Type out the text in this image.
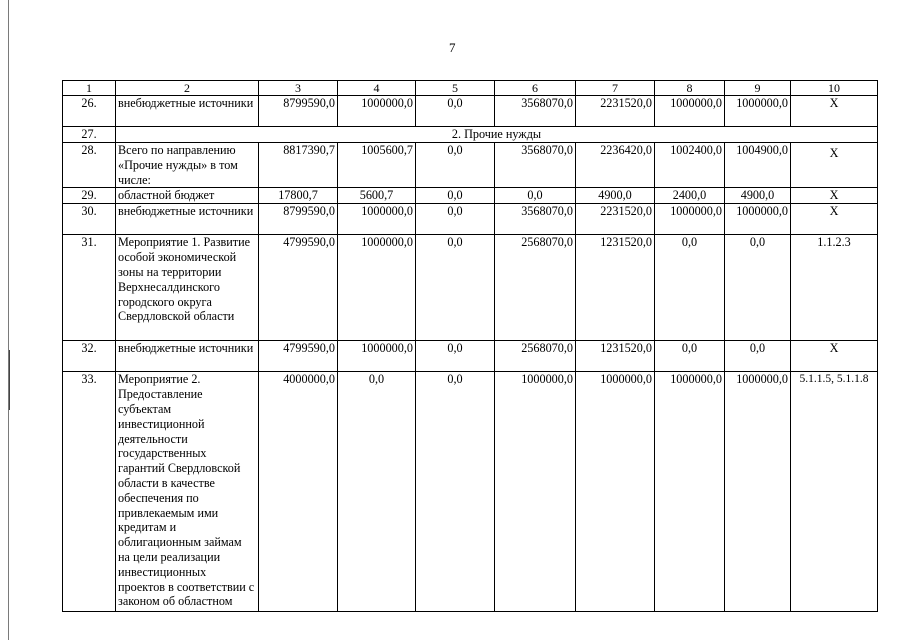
7
1	2	3	4	5	6	7	8	9	10
26.	внебюджетные источники	8799590,0	1000000,0	0,0	3568070,0	2231520,0	1000000,0	1000000,0	Х
27.	2. Прочие нужды								
28.	Всего по направлению «Прочие нужды» в том числе:	8817390,7	1005600,7	0,0	3568070,0	2236420,0	1002400,0	1004900,0	Х
29.	областной бюджет	17800,7	5600,7	0,0	0,0	4900,0	2400,0	4900,0	Х
30.	внебюджетные источники	8799590,0	1000000,0	0,0	3568070,0	2231520,0	1000000,0	1000000,0	Х
31.	Мероприятие 1. Развитие особой экономической зоны на территории Верхнесалдинского городского округа Свердловской области	4799590,0	1000000,0	0,0	2568070,0	1231520,0	0,0	0,0	1.1.2.3
32.	внебюджетные источники	4799590,0	1000000,0	0,0	2568070,0	1231520,0	0,0	0,0	Х
33.	Мероприятие 2. Предоставление субъектам инвестиционной деятельности государственных гарантий Свердловской области в качестве обеспечения по привлекаемым ими кредитам и облигационным займам на цели реализации инвестиционных проектов в соответствии с законом об областном	4000000,0	0,0	0,0	1000000,0	1000000,0	1000000,0	1000000,0	5.1.1.5, 5.1.1.8
